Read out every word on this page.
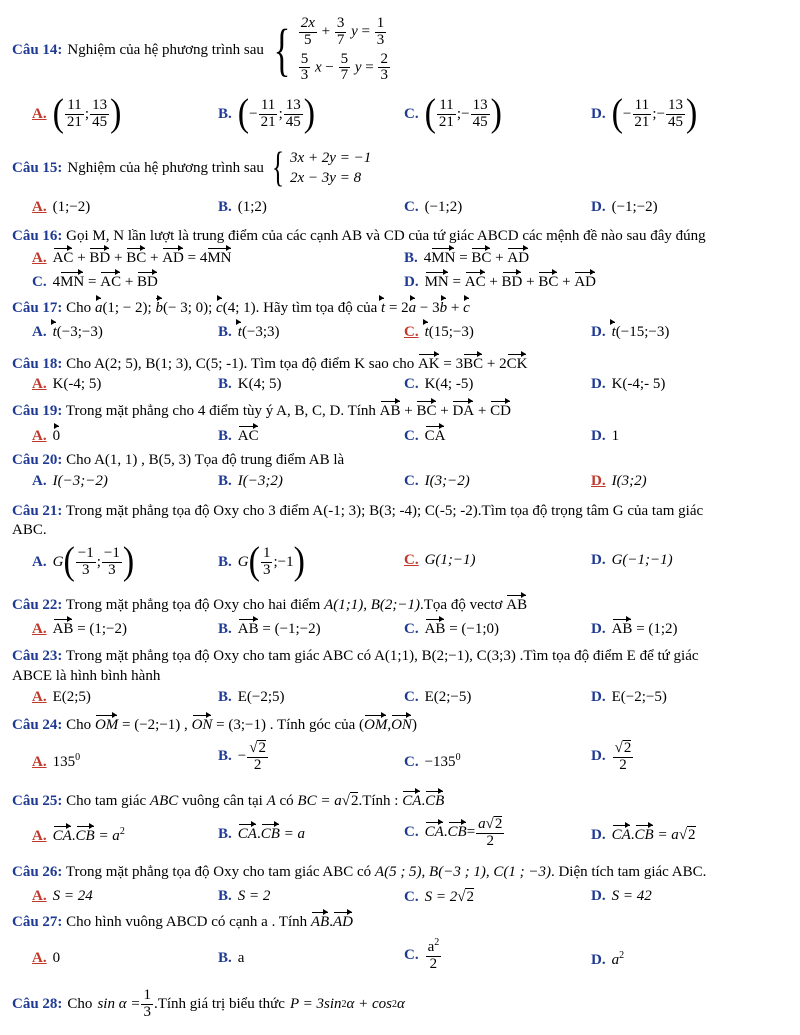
Câu 14: Nghiệm của hệ phương trình sau { $\frac{2x}{5} + \frac{3}{7}$ $y = \frac{1}{3}$
$\frac{5}{3}$ $x - \frac{5}{7}$ $y = \frac{2}{3}$
A. ( $\frac{11}{21}$ ; $\frac{13}{45}$ )	B. ( − $\frac{11}{21}$ ; $\frac{13}{45}$ )	C. ( $\frac{11}{21}$ ; − $\frac{13}{45}$ )	D. ( − $\frac{11}{21}$ ; − $\frac{13}{45}$ )
Câu 15: Nghiệm của hệ phương trình sau { 3x + 2y = −1
2x − 3y = 8
A. (1;−2)	B. (1;2)	C. (−1;2)	D. (−1;−2)
Câu 16: Gọi M, N lần lượt là trung điểm của các cạnh AB và CD của tứ giác ABCD các mệnh đề nào sau đây đúng
A. AC + BD + BC + AD = 4MN	B. 4MN = BC + AD
C. 4MN = AC + BD	D. MN = AC + BD + BC + AD
Câu 17: Cho a(1; − 2); b(− 3; 0); c(4; 1). Hãy tìm tọa độ của t = 2a − 3b + c
A. t(−3;−3)	B. t(−3;3)	C. t(15;−3)	D. t(−15;−3)
Câu 18: Cho A(2; 5), B(1; 3), C(5; -1). Tìm tọa độ điểm K sao cho AK = 3BC + 2CK
A. K(-4; 5)	B. K(4; 5)	C. K(4; -5)	D. K(-4;- 5)
Câu 19: Trong mặt phẳng cho 4 điểm tùy ý A, B, C, D. Tính AB + BC + DA + CD
A. 0	B. AC	C. CA	D. 1
Câu 20: Cho A(1, 1) , B(5, 3) Tọa độ trung điểm AB là
A. I(−3;−2)	B. I(−3;2)	C. I(3;−2)	D. I(3;2)
Câu 21: Trong mặt phẳng tọa độ Oxy cho 3 điểm A(-1; 3); B(3; -4); C(-5; -2).Tìm tọa độ trọng tâm G của tam giác
ABC.
A. G ( $\frac{-1}{3}$ ; $\frac{-1}{3}$ )	B. G ( $\frac{1}{3}$ ;−1 )	C. G(1;−1)	D. G(−1;−1)
Câu 22: Trong mặt phẳng tọa độ Oxy cho hai điểm A(1;1), B(2;−1).Tọa độ vectơ AB
A. AB = (1;−2)	B. AB = (−1;−2)	C. AB = (−1;0)	D. AB = (1;2)
Câu 23: Trong mặt phẳng tọa độ Oxy cho tam giác ABC có A(1;1), B(2;−1), C(3;3) .Tìm tọa độ điểm E để tứ giác
ABCE là hình bình hành
A. E(2;5)	B. E(−2;5)	C. E(2;−5)	D. E(−2;−5)
Câu 24: Cho OM = (−2;−1) , ON = (3;−1) . Tính góc của (OM,ON)
A. $135^0$	B. − $\frac{√2}{2}$	C. $-135^0$	D. $\frac{√2}{2}$
Câu 25: Cho tam giác ABC vuông cân tại A có BC = a√2.Tính : CA.CB
A. $CA.CB = a^2$	B. CA.CB = a	C. CA . CB = $\frac{a√2}{2}$	D. CA.CB = a√2
Câu 26: Trong mặt phẳng tọa độ Oxy cho tam giác ABC có A(5 ; 5), B(−3 ; 1), C(1 ; −3). Diện tích tam giác ABC.
A. S = 24	B. S = 2	C. S = 2√2	D. S = 42
Câu 27: Cho hình vuông ABCD có cạnh a . Tính AB.AD
A. 0	B. a	C. $\frac{a^2}{2}$	D. $a^2$
Câu 28: Cho $\sin \alpha = \frac{1}{3}$ .Tính giá trị biểu thức P = 3sin 2 α + cos 2 α
